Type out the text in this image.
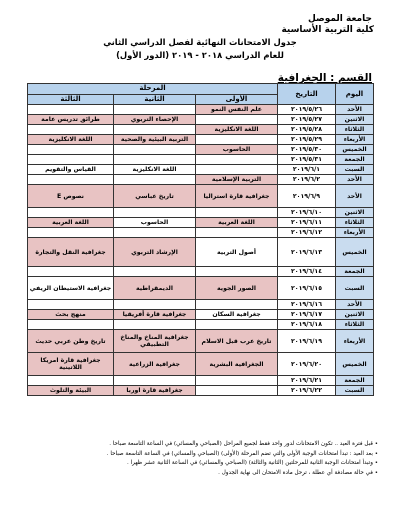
جامعة الموصل
كلية التربية الأساسية
جدول الامتحانات النهائية لفصل الدراسي الثاني
للعام الدراسي ٢٠١٨ - ٢٠١٩ (الدور الأول)
القسم : الجغرافية
اليوم	التاريخ	المرحلة		
		الأولى	الثانية	الثالثة
الأحد	٢٠١٩/٥/٢٦	علم النفس النمو		
الاثنين	٢٠١٩/٥/٢٧		الإحصاء التربوي	طرائق تدريس عامة
الثلاثاء	٢٠١٩/٥/٢٨	اللغة الانكليزية		
الأربعاء	٢٠١٩/٥/٢٩		التربية البيئية والصحية	اللغة الانكليزية
الخميس	٢٠١٩/٥/٣٠	الحاسوب		
الجمعة	٢٠١٩/٥/٣١			
السبت	٢٠١٩/٦/١		اللغة الانكليزية	القياس والتقويم
الأحد	٢٠١٩/٦/٢	التربية الإسلامية		
الأحد	٢٠١٩/٦/٩	جغرافية قارة استراليا	تاريخ عباسي	نصوص E
الاثنين	٢٠١٩/٦/١٠			
الثلاثاء	٢٠١٩/٦/١١	اللغة العربية	الحاسوب	اللغة العربية
الأربعاء	٢٠١٩/٦/١٢			
الخميس	٢٠١٩/٦/١٣	أصول التربية	الإرشاد التربوي	جغرافية النقل والتجارة
الجمعة	٢٠١٩/٦/١٤			
السبت	٢٠١٩/٦/١٥	الصور الجوية	الديمقراطية	جغرافية الاستيطان الريفي
الأحد	٢٠١٩/٦/١٦			
الاثنين	٢٠١٩/٦/١٧	جغرافية السكان	جغرافية قارة أفريقيا	منهج بحث
الثلاثاء	٢٠١٩/٦/١٨			
الأربعاء	٢٠١٩/٦/١٩	تاريخ عرب قبل الاسلام	جغرافية المناخ والمناخ التطبيقي	تاريخ وطن عربي حديث
الخميس	٢٠١٩/٦/٢٠	الجغرافية البشرية	جغرافية الزراعية	جغرافية قارة امريكا اللاتينية
الجمعة	٢٠١٩/٦/٢١			
السبت	٢٠١٩/٦/٢٢		جغرافية قارة اوربا	البيئة والتلوث
• قبل فترة العيد .. تكون الامتحانات لدور واحد فقط لجميع المراحل (الصباحي والمسائي) في الساعة التاسعة صباحا .
• بعد العيد : تبدأ امتحانات الوجبة الأولى والتي تضم المرحلة (الأولى) (الصباحي والمسائي) في الساعة التاسعة صباحا .
• وتبدأ امتحانات الوجبة الثانية للمرحلتين (الثانية والثالثة) (الصباحي والمسائي) في الساعة الثانية عشر ظهرا .
• في حالة مصادفة أي عطلة ، ترحل مادة الامتحان الى نهاية الجدول .
